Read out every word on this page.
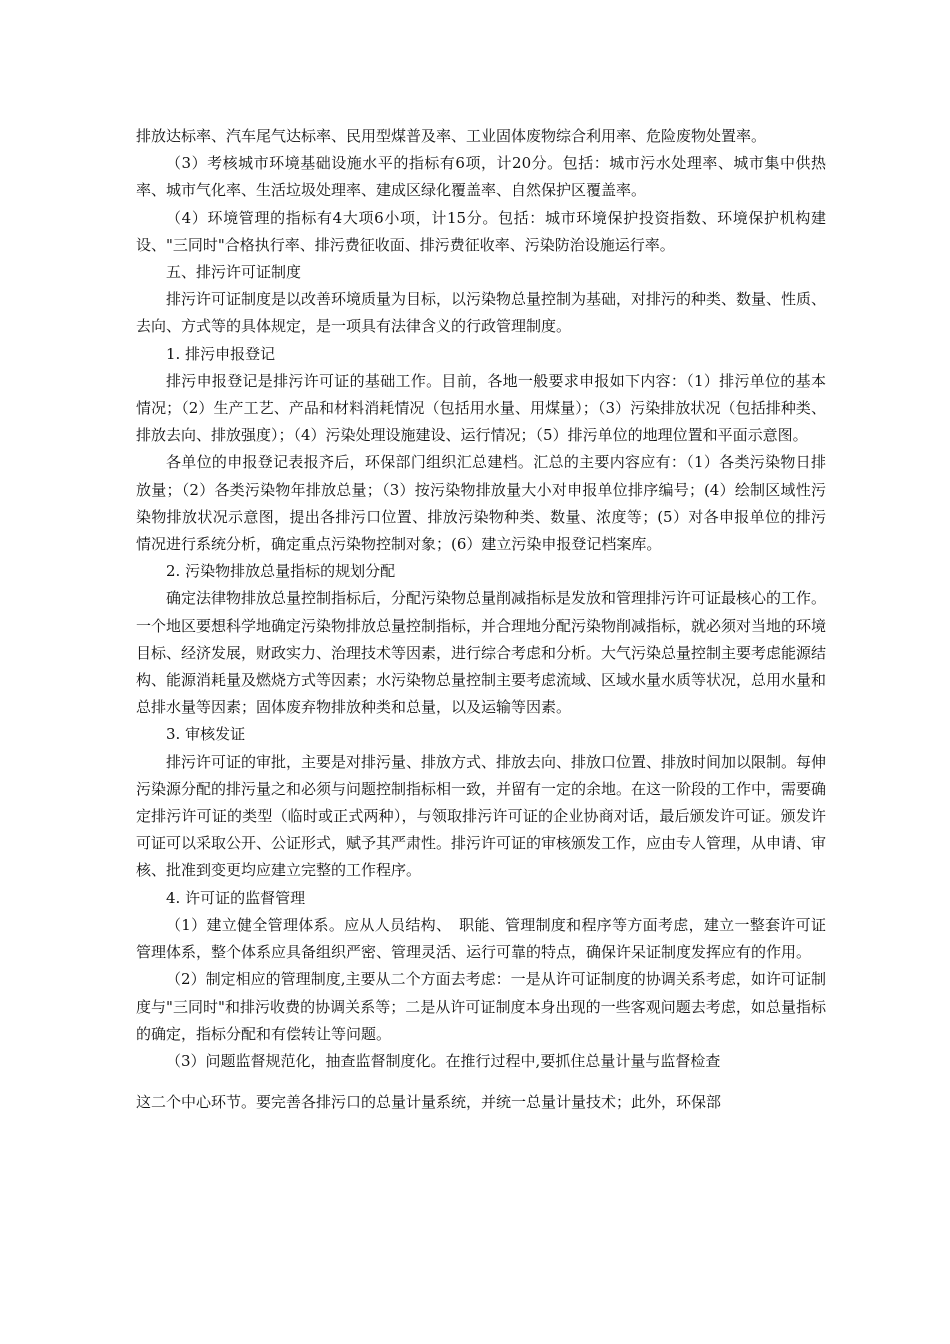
排放达标率、汽车尾气达标率、民用型煤普及率、工业固体废物综合利用率、危险废物处置率。

（3）考核城市环境基础设施水平的指标有6项，计20分。包括：城市污水处理率、城市集中供热率、城市气化率、生活垃圾处理率、建成区绿化覆盖率、自然保护区覆盖率。

（4）环境管理的指标有4大项6小项，计15分。包括：城市环境保护投资指数、环境保护机构建设、"三同时"合格执行率、排污费征收面、排污费征收率、污染防治设施运行率。

五、排污许可证制度

排污许可证制度是以改善环境质量为目标，以污染物总量控制为基础，对排污的种类、数量、性质、去向、方式等的具体规定，是一项具有法律含义的行政管理制度。

1. 排污申报登记

排污申报登记是排污许可证的基础工作。目前，各地一般要求申报如下内容：（1）排污单位的基本情况；（2）生产工艺、产品和材料消耗情况（包括用水量、用煤量）；（3）污染排放状况（包括排种类、排放去向、排放强度）；（4）污染处理设施建设、运行情况；（5）排污单位的地理位置和平面示意图。

各单位的申报登记表报齐后，环保部门组织汇总建档。汇总的主要内容应有：（1）各类污染物日排放量；（2）各类污染物年排放总量；（3）按污染物排放量大小对申报单位排序编号；(4）绘制区域性污染物排放状况示意图，提出各排污口位置、排放污染物种类、数量、浓度等；(5）对各申报单位的排污情况进行系统分析，确定重点污染物控制对象；(6）建立污染申报登记档案库。

2. 污染物排放总量指标的规划分配

确定法律物排放总量控制指标后，分配污染物总量削减指标是发放和管理排污许可证最核心的工作。一个地区要想科学地确定污染物排放总量控制指标，并合理地分配污染物削减指标，就必须对当地的环境目标、经济发展，财政实力、治理技术等因素，进行综合考虑和分析。大气污染总量控制主要考虑能源结构、能源消耗量及燃烧方式等因素；水污染物总量控制主要考虑流域、区域水量水质等状况，总用水量和总排水量等因素；固体废弃物排放种类和总量，以及运输等因素。

3. 审核发证

排污许可证的审批，主要是对排污量、排放方式、排放去向、排放口位置、排放时间加以限制。每伸污染源分配的排污量之和必须与问题控制指标相一致，并留有一定的余地。在这一阶段的工作中，需要确定排污许可证的类型（临时或正式两种），与领取排污许可证的企业协商对话，最后颁发许可证。颁发许可证可以采取公开、公证形式，赋予其严肃性。排污许可证的审核颁发工作，应由专人管理，从申请、审核、批准到变更均应建立完整的工作程序。

4. 许可证的监督管理

（1）建立健全管理体系。应从人员结构、　职能、管理制度和程序等方面考虑，建立一整套许可证管理体系，整个体系应具备组织严密、管理灵活、运行可靠的特点，确保许呆证制度发挥应有的作用。

（2）制定相应的管理制度,主要从二个方面去考虑：一是从许可证制度的协调关系考虑，如许可证制度与"三同时"和排污收费的协调关系等；二是从许可证制度本身出现的一些客观问题去考虑，如总量指标的确定，指标分配和有偿转让等问题。

（3）问题监督规范化，抽查监督制度化。在推行过程中,要抓住总量计量与监督检查

这二个中心环节。要完善各排污口的总量计量系统，并统一总量计量技术；此外，环保部
